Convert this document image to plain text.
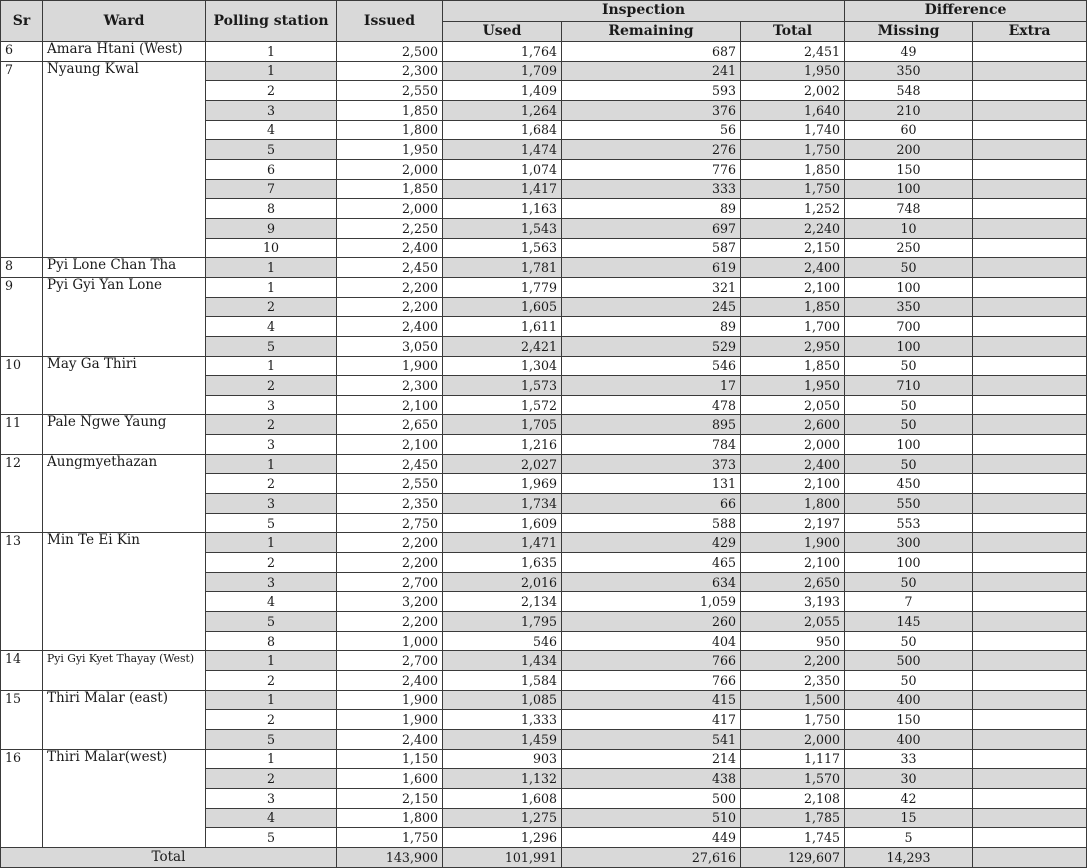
Sr	Ward	Polling station	Issued	Inspection			Difference	
				Used	Remaining	Total	Missing	Extra
6	Amara Htani (West)	1	2,500	1,764	687	2,451	49	
7	Nyaung Kwal	1	2,300	1,709	241	1,950	350	
		2	2,550	1,409	593	2,002	548	
		3	1,850	1,264	376	1,640	210	
		4	1,800	1,684	56	1,740	60	
		5	1,950	1,474	276	1,750	200	
		6	2,000	1,074	776	1,850	150	
		7	1,850	1,417	333	1,750	100	
		8	2,000	1,163	89	1,252	748	
		9	2,250	1,543	697	2,240	10	
		10	2,400	1,563	587	2,150	250	
8	Pyi Lone Chan Tha	1	2,450	1,781	619	2,400	50	
9	Pyi Gyi Yan Lone	1	2,200	1,779	321	2,100	100	
		2	2,200	1,605	245	1,850	350	
		4	2,400	1,611	89	1,700	700	
		5	3,050	2,421	529	2,950	100	
10	May Ga Thiri	1	1,900	1,304	546	1,850	50	
		2	2,300	1,573	17	1,950	710	
		3	2,100	1,572	478	2,050	50	
11	Pale Ngwe Yaung	2	2,650	1,705	895	2,600	50	
		3	2,100	1,216	784	2,000	100	
12	Aungmyethazan	1	2,450	2,027	373	2,400	50	
		2	2,550	1,969	131	2,100	450	
		3	2,350	1,734	66	1,800	550	
		5	2,750	1,609	588	2,197	553	
13	Min Te Ei Kin	1	2,200	1,471	429	1,900	300	
		2	2,200	1,635	465	2,100	100	
		3	2,700	2,016	634	2,650	50	
		4	3,200	2,134	1,059	3,193	7	
		5	2,200	1,795	260	2,055	145	
		8	1,000	546	404	950	50	
14	Pyi Gyi Kyet Thayay (West)	1	2,700	1,434	766	2,200	500	
		2	2,400	1,584	766	2,350	50	
15	Thiri Malar (east)	1	1,900	1,085	415	1,500	400	
		2	1,900	1,333	417	1,750	150	
		5	2,400	1,459	541	2,000	400	
16	Thiri Malar(west)	1	1,150	903	214	1,117	33	
		2	1,600	1,132	438	1,570	30	
		3	2,150	1,608	500	2,108	42	
		4	1,800	1,275	510	1,785	15	
		5	1,750	1,296	449	1,745	5	
Total			143,900	101,991	27,616	129,607	14,293	
